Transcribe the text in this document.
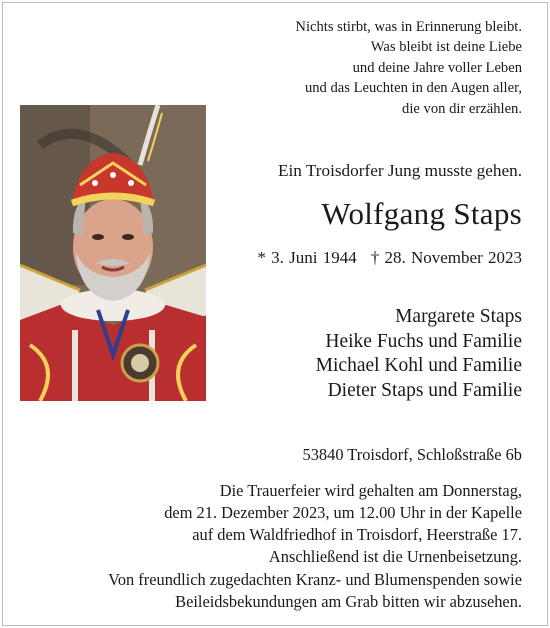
Nichts stirbt, was in Erinnerung bleibt.
Was bleibt ist deine Liebe
und deine Jahre voller Leben
und das Leuchten in den Augen aller,
die von dir erzählen.
Ein Troisdorfer Jung musste gehen.
Wolfgang Staps
* 3. Juni 1944 † 28. November 2023
Margarete Staps
Heike Fuchs und Familie
Michael Kohl und Familie
Dieter Staps und Familie
53840 Troisdorf, Schloßstraße 6b
Die Trauerfeier wird gehalten am Donnerstag,
dem 21. Dezember 2023, um 12.00 Uhr in der Kapelle
auf dem Waldfriedhof in Troisdorf, Heerstraße 17.
Anschließend ist die Urnenbeisetzung.
Von freundlich zugedachten Kranz- und Blumenspenden sowie
Beileidsbekundungen am Grab bitten wir abzusehen.
